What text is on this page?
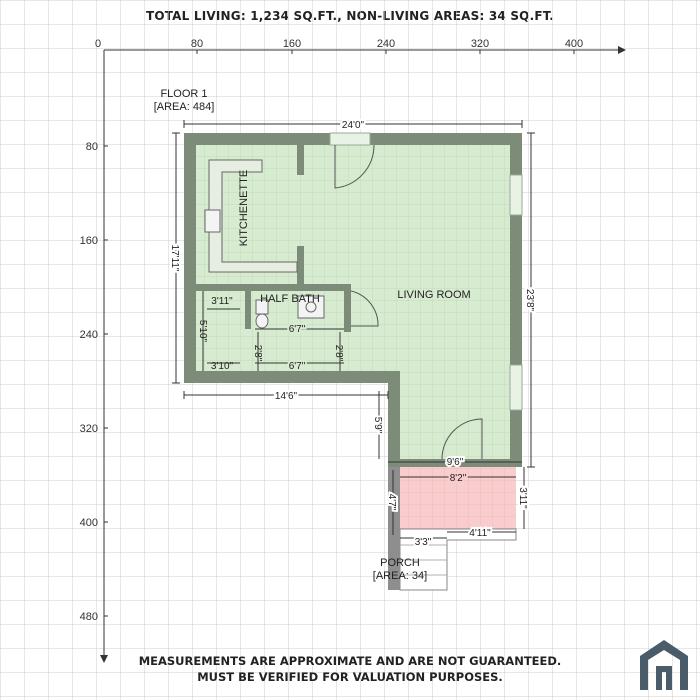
0	80	160	240	320	400
80
160
240
320
400
480
FLOOR 1
[AREA: 484]
KITCHENETTE
LIVING ROOM
HALF BATH
PORCH
[AREA: 34]
24'0"
17'11"
23'8"
14'6"
5'9"
9'6"
3'11"
5'10"
3'10"
6'7"
6'7"
2'8"	2'8"
8'2"
3'11"
4'7"
3'3"
4'11"
MEASUREMENTS ARE APPROXIMATE AND ARE NOT GUARANTEED.
MUST BE VERIFIED FOR VALUATION PURPOSES.
